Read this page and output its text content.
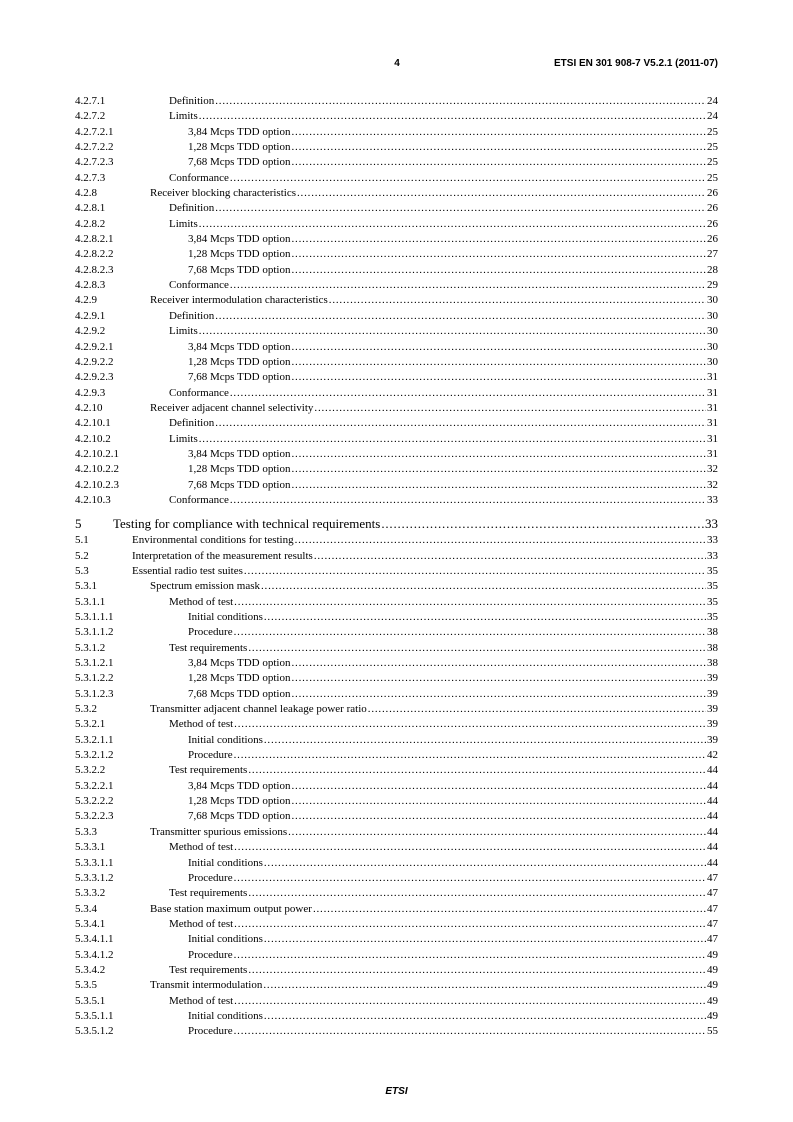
4	ETSI EN 301 908-7 V5.2.1 (2011-07)
4.2.7.1	Definition .....	24
4.2.7.2	Limits .....	24
4.2.7.2.1	3,84 Mcps TDD option .....	25
4.2.7.2.2	1,28 Mcps TDD option .....	25
4.2.7.2.3	7,68 Mcps TDD option .....	25
4.2.7.3	Conformance .....	25
4.2.8	Receiver blocking characteristics .....	26
4.2.8.1	Definition .....	26
4.2.8.2	Limits .....	26
4.2.8.2.1	3,84 Mcps TDD option .....	26
4.2.8.2.2	1,28 Mcps TDD option .....	27
4.2.8.2.3	7,68 Mcps TDD option .....	28
4.2.8.3	Conformance .....	29
4.2.9	Receiver intermodulation characteristics .....	30
4.2.9.1	Definition .....	30
4.2.9.2	Limits .....	30
4.2.9.2.1	3,84 Mcps TDD option .....	30
4.2.9.2.2	1,28 Mcps TDD option .....	30
4.2.9.2.3	7,68 Mcps TDD option .....	31
4.2.9.3	Conformance .....	31
4.2.10	Receiver adjacent channel selectivity .....	31
4.2.10.1	Definition .....	31
4.2.10.2	Limits .....	31
4.2.10.2.1	3,84 Mcps TDD option .....	31
4.2.10.2.2	1,28 Mcps TDD option .....	32
4.2.10.2.3	7,68 Mcps TDD option .....	32
4.2.10.3	Conformance .....	33
5	Testing for compliance with technical requirements .....	33
5.1	Environmental conditions for testing .....	33
5.2	Interpretation of the measurement results .....	33
5.3	Essential radio test suites .....	35
5.3.1	Spectrum emission mask .....	35
5.3.1.1	Method of test .....	35
5.3.1.1.1	Initial conditions .....	35
5.3.1.1.2	Procedure .....	38
5.3.1.2	Test requirements .....	38
5.3.1.2.1	3,84 Mcps TDD option .....	38
5.3.1.2.2	1,28 Mcps TDD option .....	39
5.3.1.2.3	7,68 Mcps TDD option .....	39
5.3.2	Transmitter adjacent channel leakage power ratio .....	39
5.3.2.1	Method of test .....	39
5.3.2.1.1	Initial conditions .....	39
5.3.2.1.2	Procedure .....	42
5.3.2.2	Test requirements .....	44
5.3.2.2.1	3,84 Mcps TDD option .....	44
5.3.2.2.2	1,28 Mcps TDD option .....	44
5.3.2.2.3	7,68 Mcps TDD option .....	44
5.3.3	Transmitter spurious emissions .....	44
5.3.3.1	Method of test .....	44
5.3.3.1.1	Initial conditions .....	44
5.3.3.1.2	Procedure .....	47
5.3.3.2	Test requirements .....	47
5.3.4	Base station maximum output power .....	47
5.3.4.1	Method of test .....	47
5.3.4.1.1	Initial conditions .....	47
5.3.4.1.2	Procedure .....	49
5.3.4.2	Test requirements .....	49
5.3.5	Transmit intermodulation .....	49
5.3.5.1	Method of test .....	49
5.3.5.1.1	Initial conditions .....	49
5.3.5.1.2	Procedure .....	55
ETSI
